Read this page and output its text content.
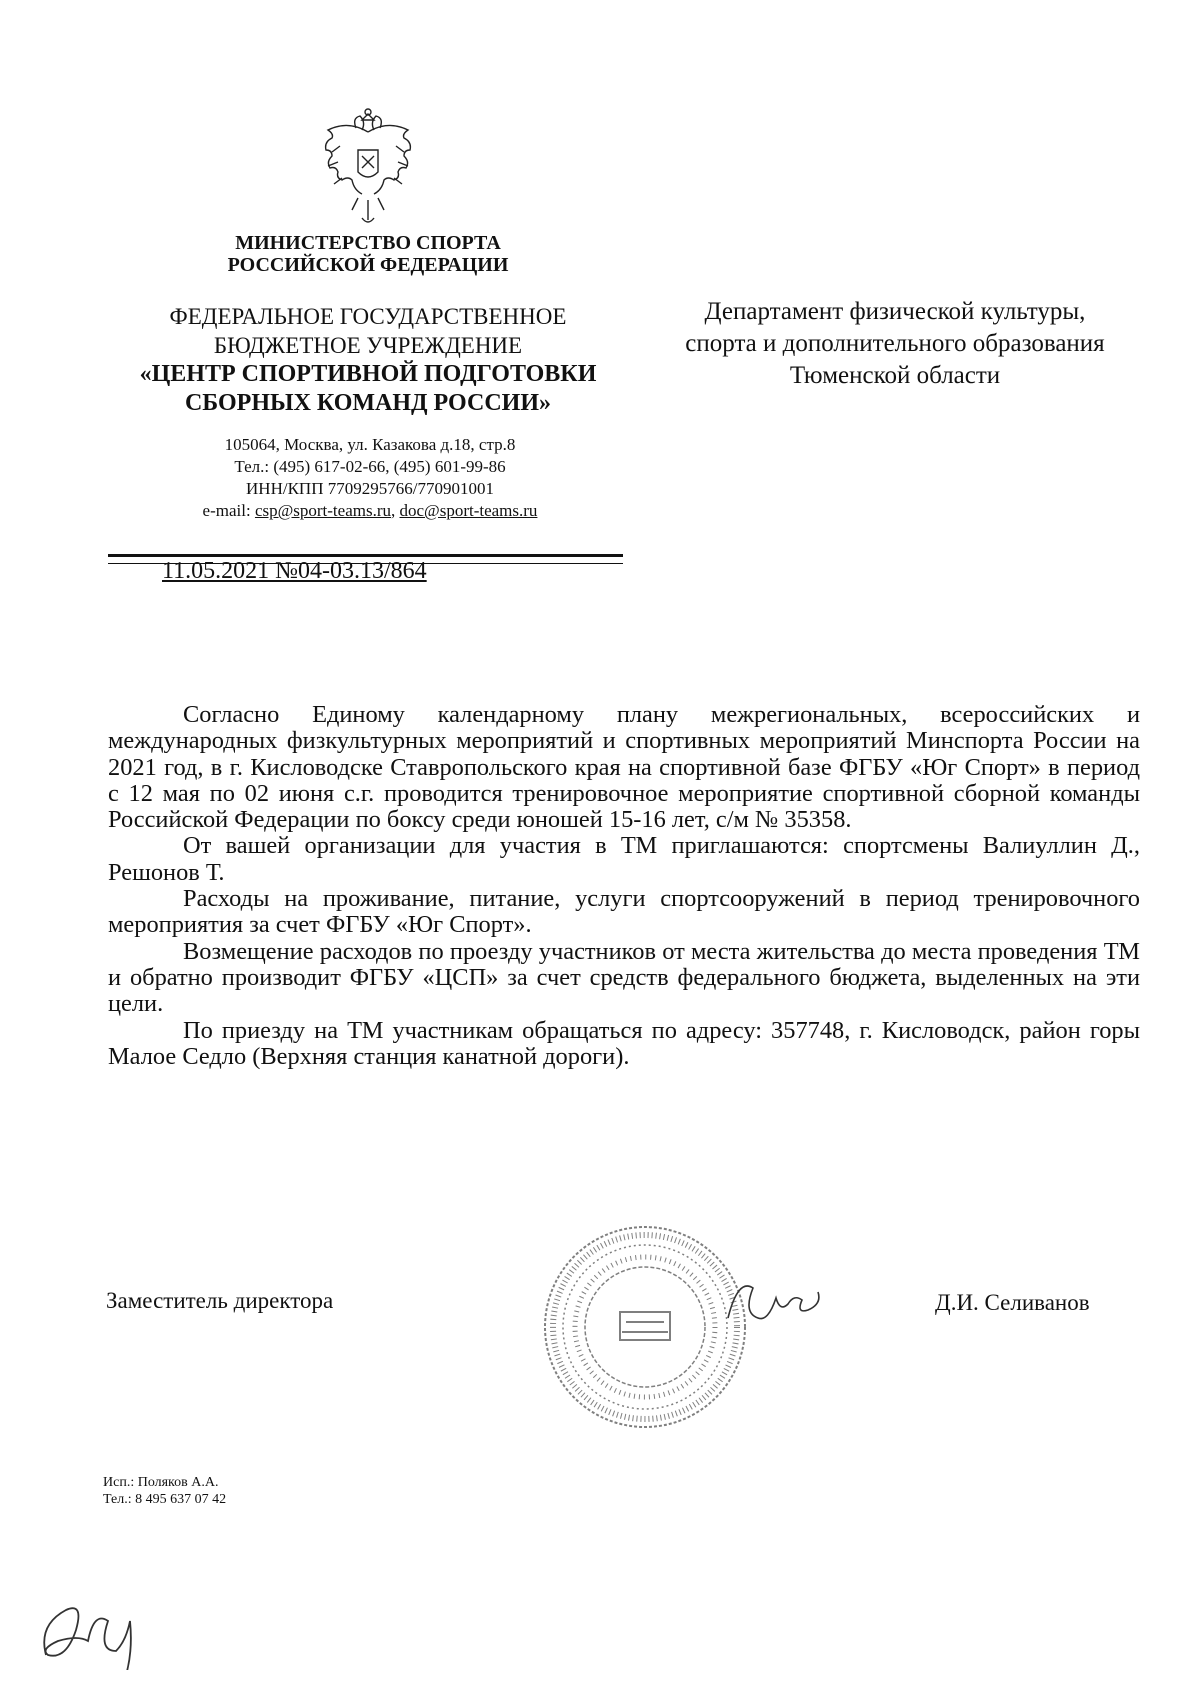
МИНИСТЕРСТВО СПОРТА
РОССИЙСКОЙ ФЕДЕРАЦИИ
ФЕДЕРАЛЬНОЕ ГОСУДАРСТВЕННОЕ
БЮДЖЕТНОЕ УЧРЕЖДЕНИЕ
«ЦЕНТР СПОРТИВНОЙ ПОДГОТОВКИ
СБОРНЫХ КОМАНД РОССИИ»
105064, Москва, ул. Казакова д.18, стр.8
Тел.: (495) 617-02-66, (495) 601-99-86
ИНН/КПП 7709295766/770901001
e-mail: csp@sport-teams.ru, doc@sport-teams.ru
11.05.2021 №04-03.13/864
Департамент физической культуры,
спорта и дополнительного образования
Тюменской области

Согласно Единому календарному плану межрегиональных, всероссийских и международных физкультурных мероприятий и спортивных мероприятий Минспорта России на 2021 год, в г. Кисловодске Ставропольского края на спортивной базе ФГБУ «Юг Спорт» в период с 12 мая по 02 июня с.г. проводится тренировочное мероприятие спортивной сборной команды Российской Федерации по боксу среди юношей 15-16 лет, с/м № 35358.

От вашей организации для участия в ТМ приглашаются: спортсмены Валиуллин Д., Решонов Т.

Расходы на проживание, питание, услуги спортсооружений в период тренировочного мероприятия за счет ФГБУ «Юг Спорт».

Возмещение расходов по проезду участников от места жительства до места проведения ТМ и обратно производит ФГБУ «ЦСП» за счет средств федерального бюджета, выделенных на эти цели.

По приезду на ТМ участникам обращаться по адресу: 357748, г. Кисловодск, район горы Малое Седло (Верхняя станция канатной дороги).

Заместитель директора	Д.И. Селиванов
Исп.: Поляков А.А.
Тел.: 8 495 637 07 42
